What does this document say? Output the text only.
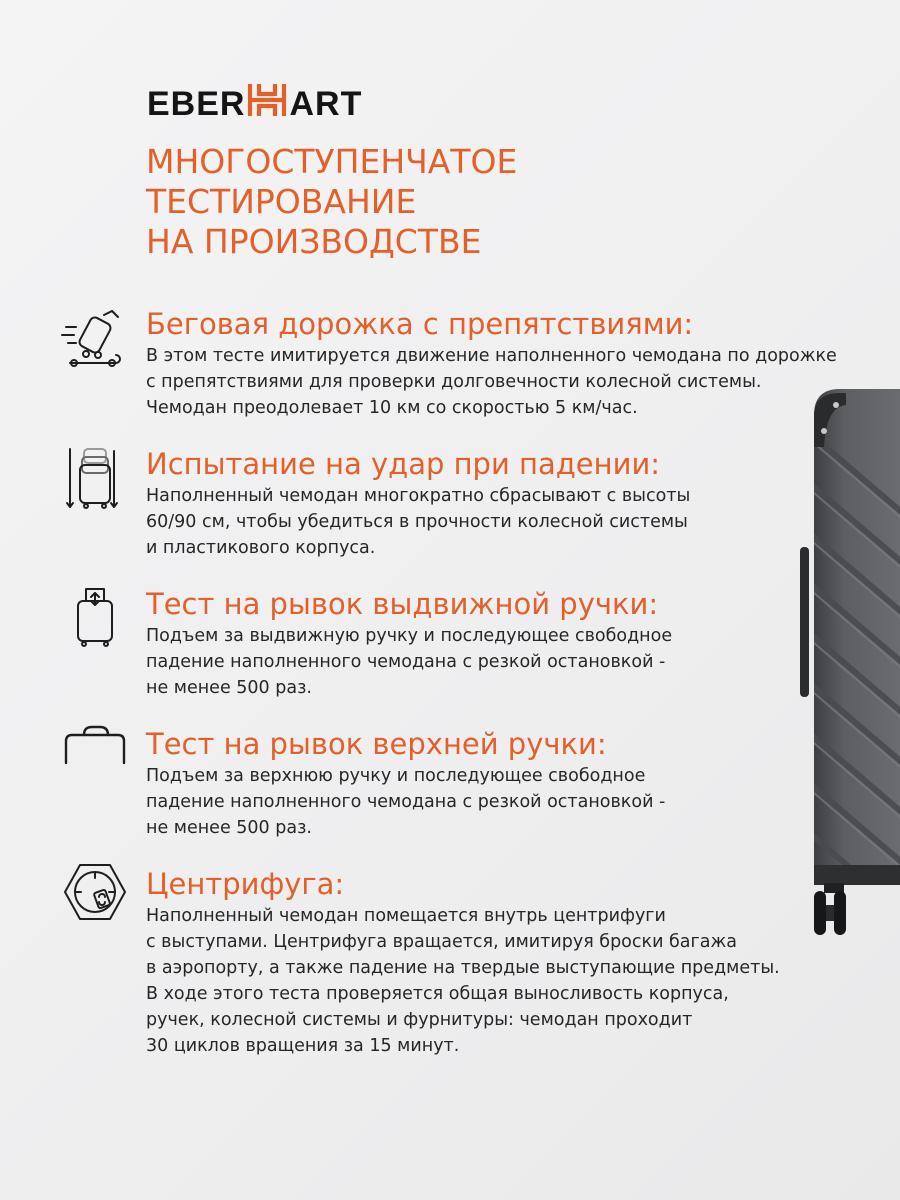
EBER ART
МНОГОСТУПЕНЧАТОЕ
ТЕСТИРОВАНИЕ
НА ПРОИЗВОДСТВЕ
Беговая дорожка с препятствиями:

В этом тесте имитируется движение наполненного чемодана по дорожке
с препятствиями для проверки долговечности колесной системы.
Чемодан преодолевает 10 км со скоростью 5 км/час.

Испытание на удар при падении:

Наполненный чемодан многократно сбрасывают с высоты
60/90 см, чтобы убедиться в прочности колесной системы
и пластикового корпуса.

Тест на рывок выдвижной ручки:

Подъем за выдвижную ручку и последующее свободное
падение наполненного чемодана с резкой остановкой -
не менее 500 раз.

Тест на рывок верхней ручки:

Подъем за верхнюю ручку и последующее свободное
падение наполненного чемодана с резкой остановкой -
не менее 500 раз.

Центрифуга:

Наполненный чемодан помещается внутрь центрифуги
с выступами. Центрифуга вращается, имитируя броски багажа
в аэропорту, а также падение на твердые выступающие предметы.
В ходе этого теста проверяется общая выносливость корпуса,
ручек, колесной системы и фурнитуры: чемодан проходит
30 циклов вращения за 15 минут.
